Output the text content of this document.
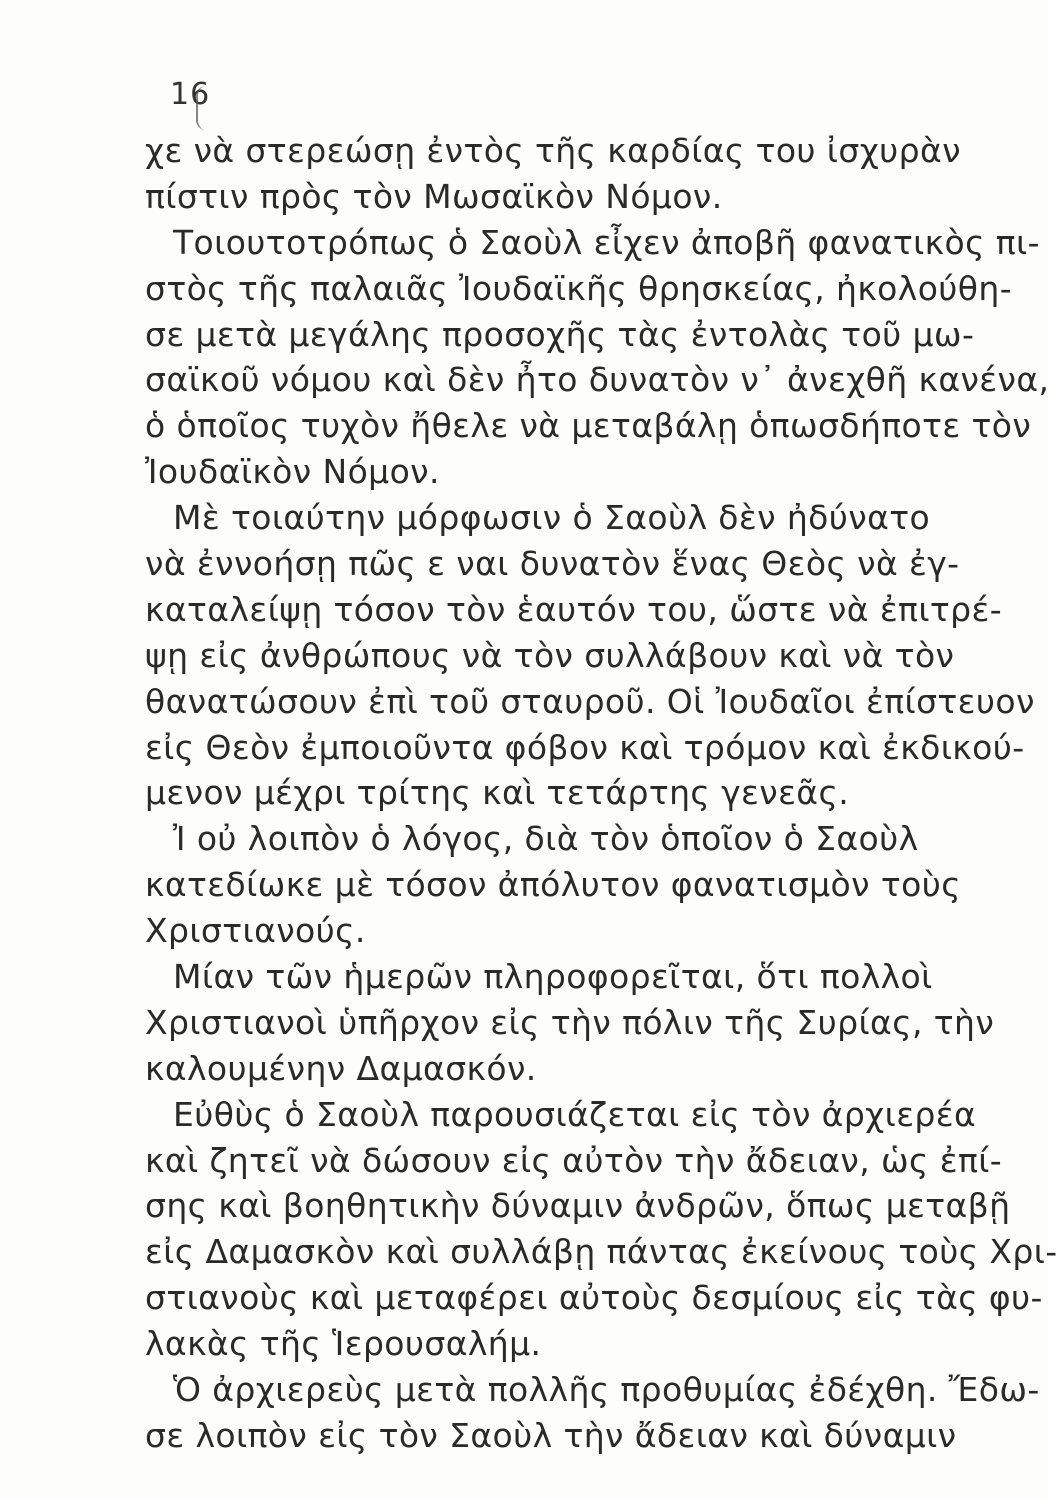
16
χε νὰ στερεώσῃ ἐντὸς τῆς καρδίας του ἰσχυρὰν
πίστιν πρὸς τὸν Μωσαϊκὸν Νόμον.
Τοιουτοτρόπως ὁ Σαοὺλ εἶχεν ἀποβῆ φανατικὸς πι-
στὸς τῆς παλαιᾶς Ἰουδαϊκῆς θρησκείας, ἠκολούθη-
σε μετὰ μεγάλης προσοχῆς τὰς ἐντολὰς τοῦ μω-
σαϊκοῦ νόμου καὶ δὲν ἦτο δυνατὸν ν᾿ ἀνεχθῆ κανένα,
ὁ ὁποῖος τυχὸν ἤθελε νὰ μεταβάλῃ ὁπωσδήποτε τὸν
Ἰουδαϊκὸν Νόμον.
Μὲ τοιαύτην μόρφωσιν ὁ Σαοὺλ δὲν ἠδύνατο
νὰ ἐννοήσῃ πῶς ε ναι δυνατὸν ἕνας Θεὸς νὰ ἐγ-
καταλείψῃ τόσον τὸν ἑαυτόν του, ὥστε νὰ ἐπιτρέ-
ψῃ εἰς ἀνθρώπους νὰ τὸν συλλάβουν καὶ νὰ τὸν
θανατώσουν ἐπὶ τοῦ σταυροῦ. Οἱ Ἰουδαῖοι ἐπίστευον
εἰς Θεὸν ἐμποιοῦντα φόβον καὶ τρόμον καὶ ἐκδικού-
μενον μέχρι τρίτης καὶ τετάρτης γενεᾶς.
Ἰ οὐ λοιπὸν ὁ λόγος, διὰ τὸν ὁποῖον ὁ Σαοὺλ
κατεδίωκε μὲ τόσον ἀπόλυτον φανατισμὸν τοὺς
Χριστιανούς.
Μίαν τῶν ἡμερῶν πληροφορεῖται, ὅτι πολλοὶ
Χριστιανοὶ ὑπῆρχον εἰς τὴν πόλιν τῆς Συρίας, τὴν
καλουμένην Δαμασκόν.
Εὐθὺς ὁ Σαοὺλ παρουσιάζεται εἰς τὸν ἀρχιερέα
καὶ ζητεῖ νὰ δώσουν εἰς αὐτὸν τὴν ἄδειαν, ὡς ἐπί-
σης καὶ βοηθητικὴν δύναμιν ἀνδρῶν, ὅπως μεταβῇ
εἰς Δαμασκὸν καὶ συλλάβῃ πάντας ἐκείνους τοὺς Χρι-
στιανοὺς καὶ μεταφέρει αὐτοὺς δεσμίους εἰς τὰς φυ-
λακὰς τῆς Ἱερουσαλήμ.
Ὁ ἀρχιερεὺς μετὰ πολλῆς προθυμίας ἐδέχθη. Ἔδω-
σε λοιπὸν εἰς τὸν Σαοὺλ τὴν ἄδειαν καὶ δύναμιν
